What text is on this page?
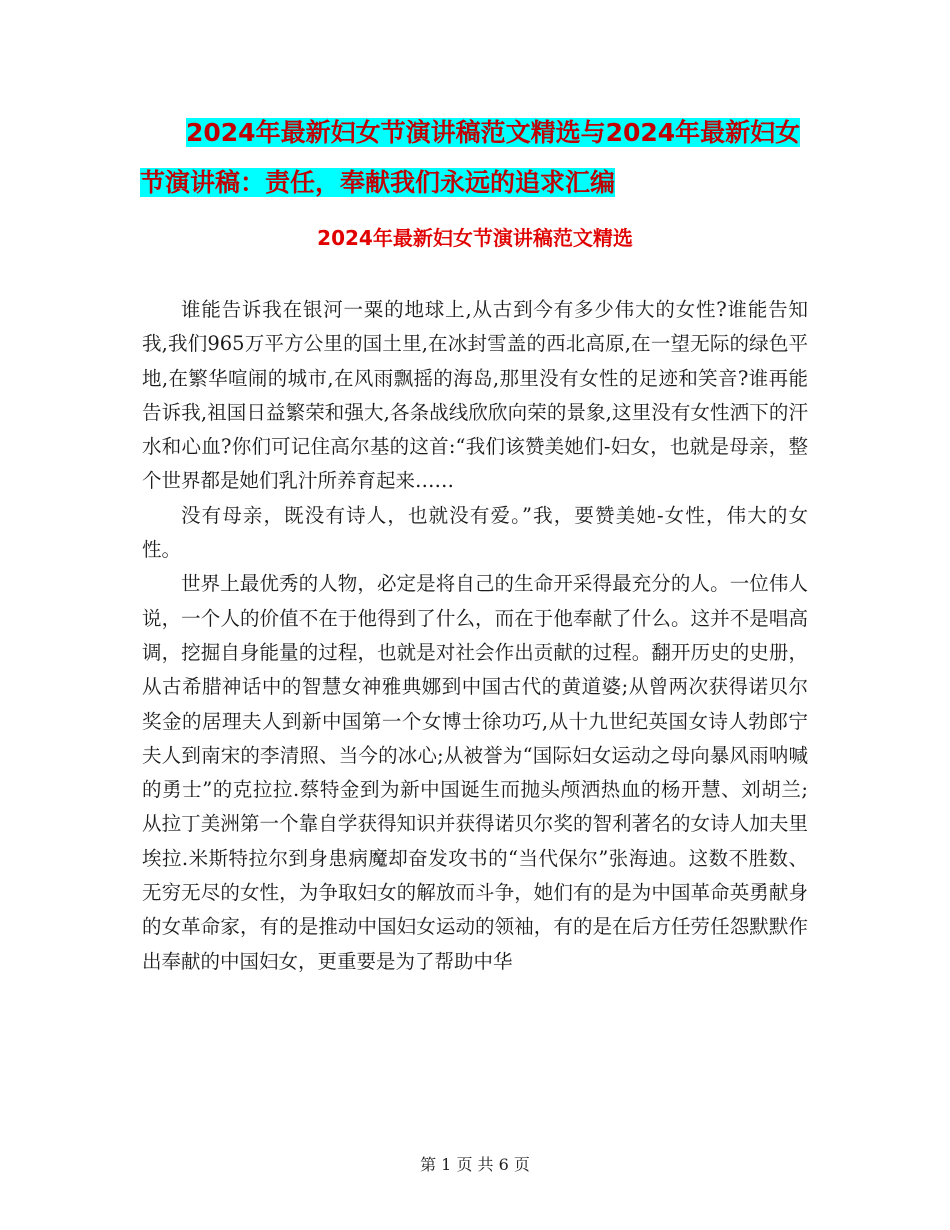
2024年最新妇女节演讲稿范文精选与2024年最新妇女
节演讲稿：责任，奉献我们永远的追求汇编
2024年最新妇女节演讲稿范文精选

谁能告诉我在银河一粟的地球上,从古到今有多少伟大的女性?谁能告知我,我们965万平方公里的国土里,在冰封雪盖的西北高原,在一望无际的绿色平地,在繁华喧闹的城市,在风雨飘摇的海岛,那里没有女性的足迹和笑音?谁再能告诉我,祖国日益繁荣和强大,各条战线欣欣向荣的景象,这里没有女性洒下的汗水和心血?你们可记住高尔基的这首:“我们该赞美她们-妇女，也就是母亲，整个世界都是她们乳汁所养育起来……

没有母亲，既没有诗人，也就没有爱。”我，要赞美她-女性，伟大的女性。

世界上最优秀的人物，必定是将自己的生命开采得最充分的人。一位伟人说，一个人的价值不在于他得到了什么，而在于他奉献了什么。这并不是唱高调，挖掘自身能量的过程，也就是对社会作出贡献的过程。翻开历史的史册，从古希腊神话中的智慧女神雅典娜到中国古代的黄道婆;从曾两次获得诺贝尔奖金的居理夫人到新中国第一个女博士徐功巧,从十九世纪英国女诗人勃郎宁夫人到南宋的李清照、当今的冰心;从被誉为“国际妇女运动之母向暴风雨呐喊的勇士”的克拉拉.蔡特金到为新中国诞生而抛头颅洒热血的杨开慧、刘胡兰;从拉丁美洲第一个靠自学获得知识并获得诺贝尔奖的智利著名的女诗人加夫里埃拉.米斯特拉尔到身患病魔却奋发攻书的“当代保尔”张海迪。这数不胜数、无穷无尽的女性，为争取妇女的解放而斗争，她们有的是为中国革命英勇献身的女革命家，有的是推动中国妇女运动的领袖，有的是在后方任劳任怨默默作出奉献的中国妇女，更重要是为了帮助中华

第 1 页 共 6 页
